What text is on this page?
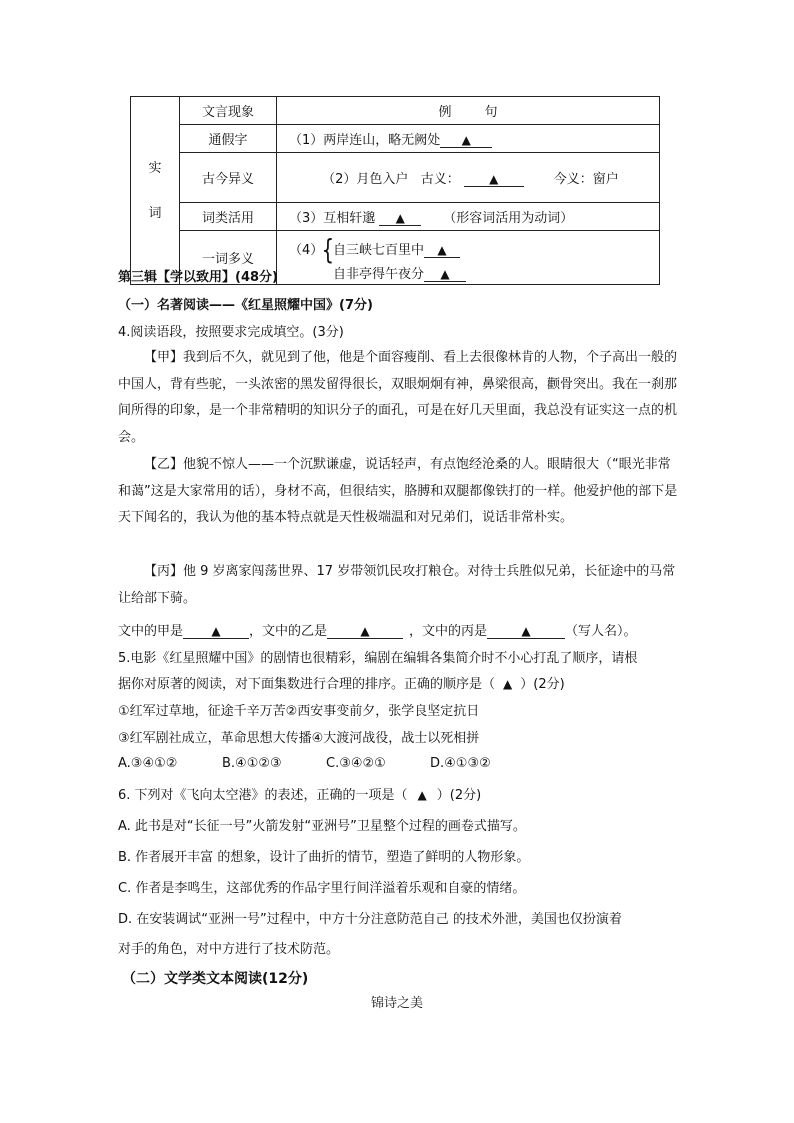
实
词	文言现象	例        句
	通假字	（1）两岸连山，略无阙处 ▲
	古今异义	（2）月色入户   古义： ▲ 今义：窗户

	词类活用	（3）互相轩邈 ▲ （形容词活用为动词）
	一词多义	（4）
{
自三峡七百里中 ▲
自非亭得午夜分 ▲
第三辑【学以致用】(48分)
（一）名著阅读——《红星照耀中国》(7分)
4.阅读语段，按照要求完成填空。(3分)
【甲】我到后不久，就见到了他，他是个面容瘦削、看上去很像林肯的人物，个子高出一般的中国人，背有些驼，一头浓密的黑发留得很长，双眼炯炯有神，鼻梁很高，颧骨突出。我在一刹那间所得的印象，是一个非常精明的知识分子的面孔，可是在好几天里面，我总没有证实这一点的机会。
【乙】他貌不惊人——一个沉默谦虚，说话轻声，有点饱经沧桑的人。眼睛很大（“眼光非常和蔼”这是大家常用的话），身材不高，但很结实，胳膊和双腿都像铁打的一样。他爱护他的部下是天下闻名的，我认为他的基本特点就是天性极端温和对兄弟们，说话非常朴实。
【丙】他 9 岁离家闯荡世界、17 岁带领饥民攻打粮仓。对待士兵胜似兄弟，长征途中的马常让给部下骑。
文中的甲是 ▲ ，文中的乙是	▲	，文中的丙是	▲	（写人名）。
5.电影《红星照耀中国》的剧情也很精彩，编剧在编辑各集简介时不小心打乱了顺序，请根
据你对原著的阅读，对下面集数进行合理的排序。正确的顺序是（ ▲ ）(2分)
①红军过草地，征途千辛万苦②西安事变前夕，张学良坚定抗日
③红军剧社成立，革命思想大传播④大渡河战役，战士以死相拼
A.③④①②	B.④①②③	C.③④②①	D.④①③②
6. 下列对《飞向太空港》的表述，正确的一项是（ ▲ ）(2分)
A. 此书是对“长征一号”火箭发射“亚洲号”卫星整个过程的画卷式描写。
B. 作者展开丰富 的想象，设计了曲折的情节，塑造了鲜明的人物形象。
C. 作者是李鸣生，这部优秀的作品字里行间洋溢着乐观和自豪的情绪。
D. 在安装调试“亚洲一号”过程中，中方十分注意防范自己 的技术外泄，美国也仅扮演着
对手的角色，对中方进行了技术防范。
（二）文学类文本阅读(12分)
锦诗之美
